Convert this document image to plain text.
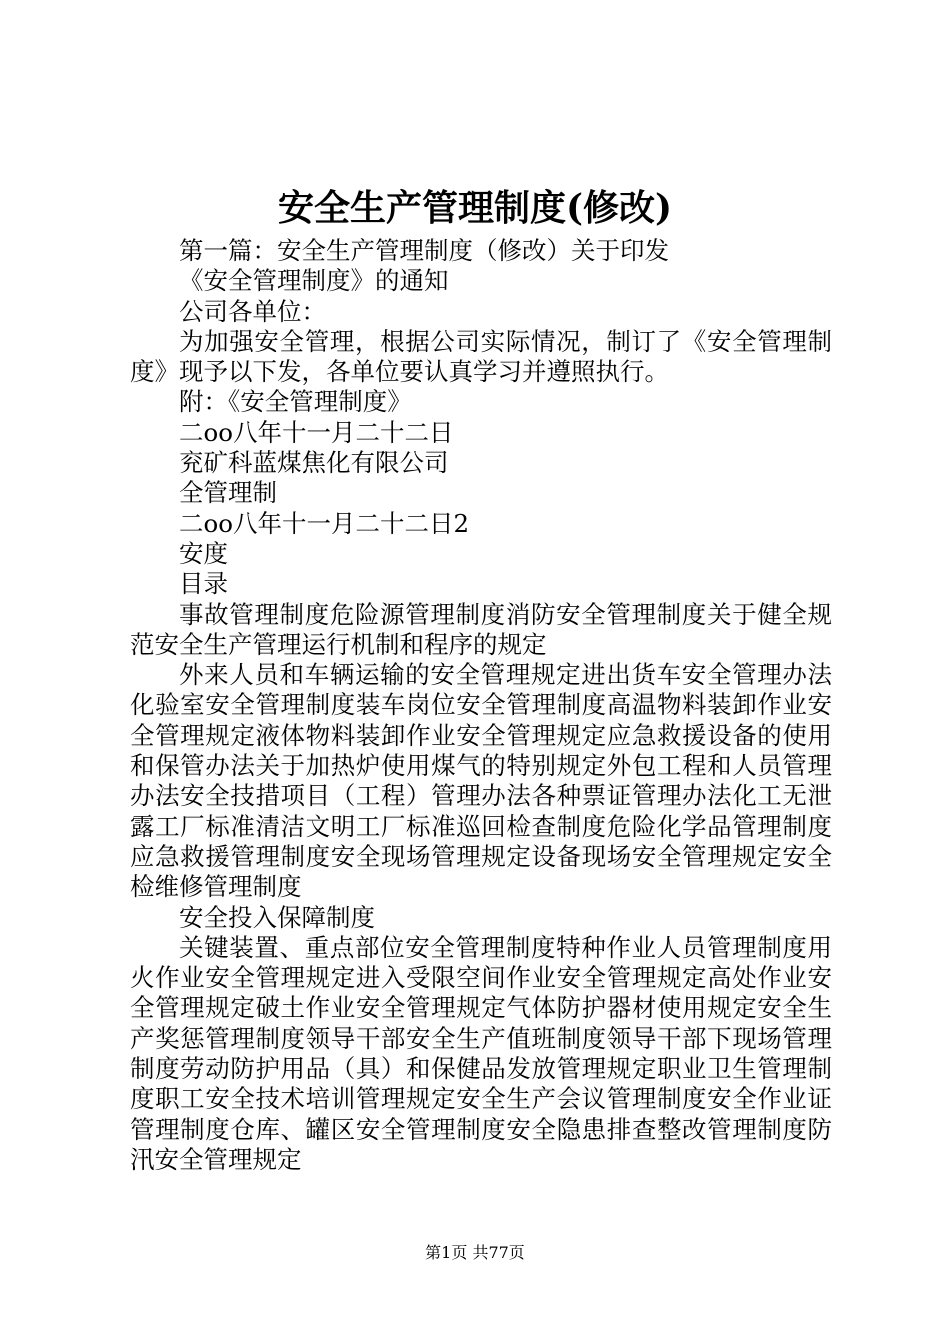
安全生产管理制度(修改)

第一篇：安全生产管理制度（修改）关于印发

《安全管理制度》的通知

公司各单位：

为加强安全管理，根据公司实际情况，制订了《安全管理制度》现予以下发，各单位要认真学习并遵照执行。

附：《安全管理制度》

二oo八年十一月二十二日

兖矿科蓝煤焦化有限公司

全管理制

二oo八年十一月二十二日2

安度

目录

事故管理制度危险源管理制度消防安全管理制度关于健全规范安全生产管理运行机制和程序的规定

外来人员和车辆运输的安全管理规定进出货车安全管理办法化验室安全管理制度装车岗位安全管理制度高温物料装卸作业安全管理规定液体物料装卸作业安全管理规定应急救援设备的使用和保管办法关于加热炉使用煤气的特别规定外包工程和人员管理办法安全技措项目（工程）管理办法各种票证管理办法化工无泄露工厂标准清洁文明工厂标准巡回检查制度危险化学品管理制度应急救援管理制度安全现场管理规定设备现场安全管理规定安全检维修管理制度

安全投入保障制度

关键装置、重点部位安全管理制度特种作业人员管理制度用火作业安全管理规定进入受限空间作业安全管理规定高处作业安全管理规定破土作业安全管理规定气体防护器材使用规定安全生产奖惩管理制度领导干部安全生产值班制度领导干部下现场管理制度劳动防护用品（具）和保健品发放管理规定职业卫生管理制度职工安全技术培训管理规定安全生产会议管理制度安全作业证管理制度仓库、罐区安全管理制度安全隐患排查整改管理制度防汛安全管理规定

第1页 共77页
